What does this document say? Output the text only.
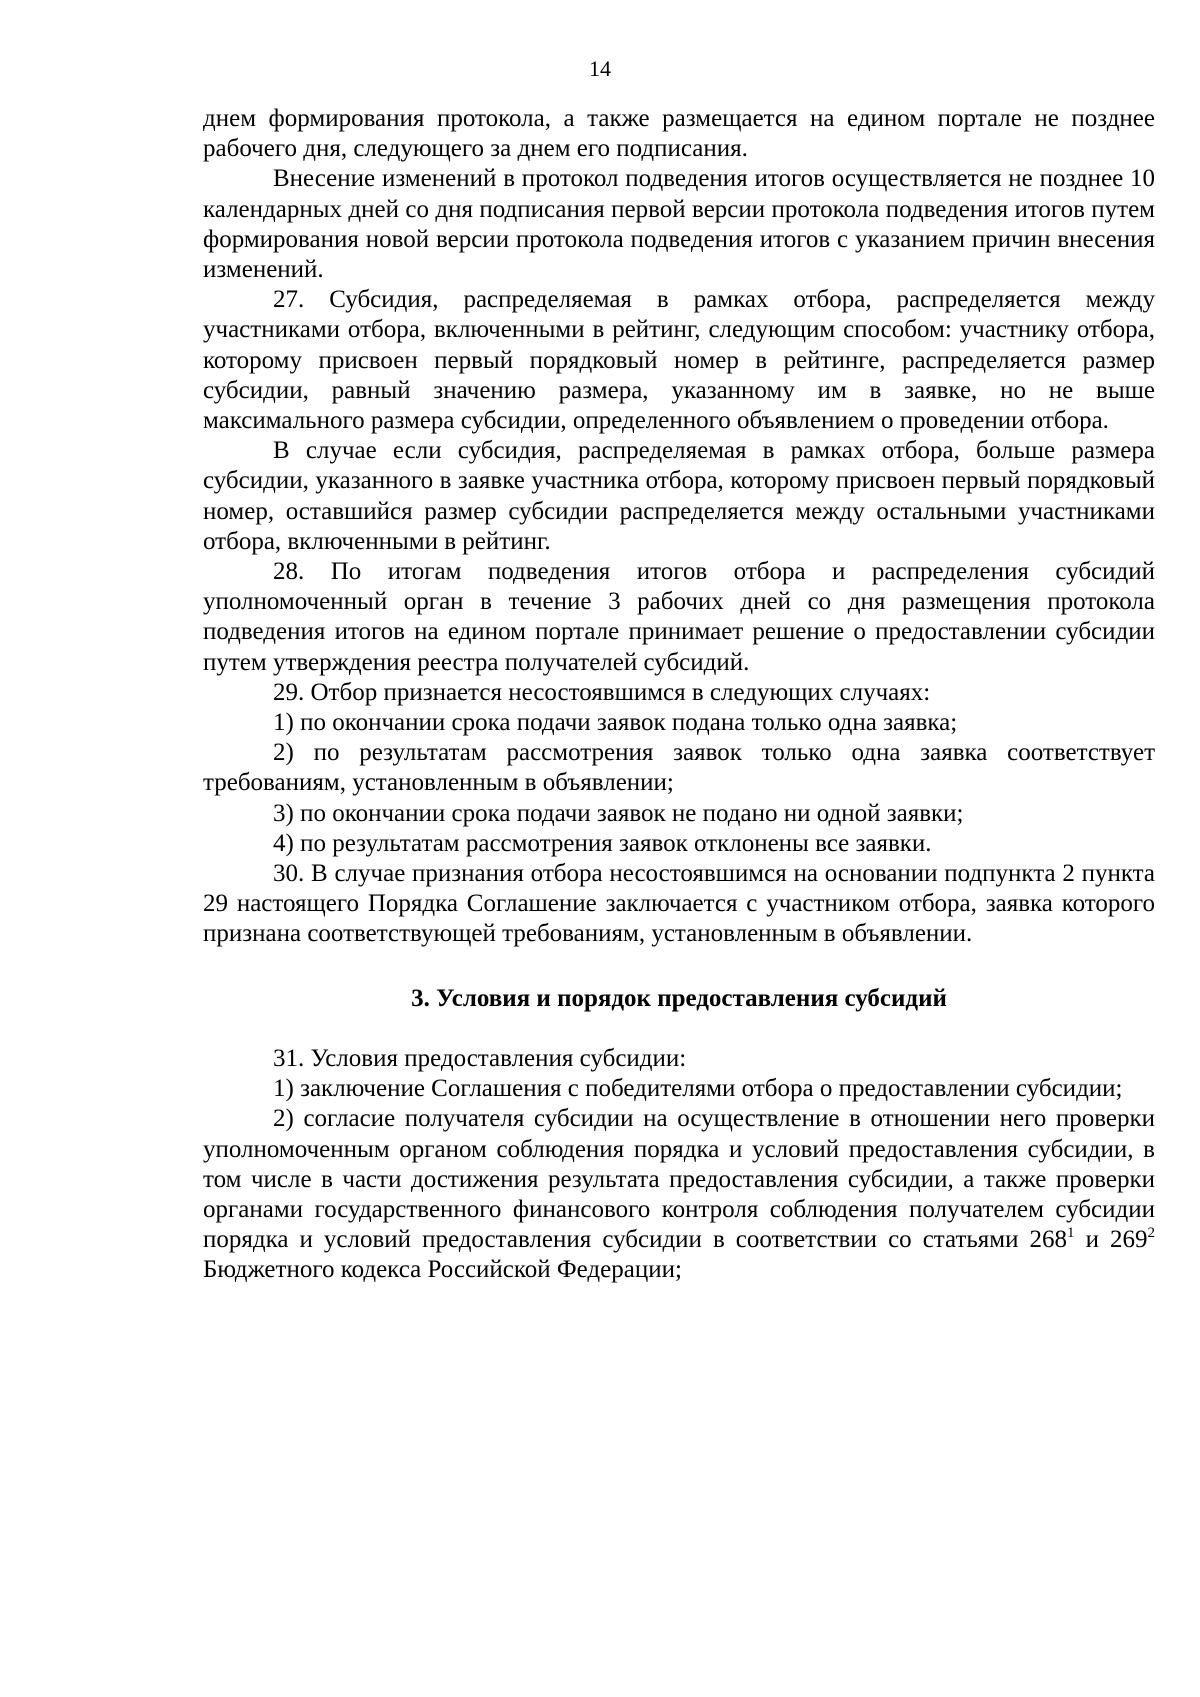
14

днем формирования протокола, а также размещается на едином портале не позднее рабочего дня, следующего за днем его подписания.

Внесение изменений в протокол подведения итогов осуществляется не позднее 10 календарных дней со дня подписания первой версии протокола подведения итогов путем формирования новой версии протокола подведения итогов с указанием причин внесения изменений.

27. Субсидия, распределяемая в рамках отбора, распределяется между участниками отбора, включенными в рейтинг, следующим способом: участнику отбора, которому присвоен первый порядковый номер в рейтинге, распределяется размер субсидии, равный значению размера, указанному им в заявке, но не выше максимального размера субсидии, определенного объявлением о проведении отбора.

В случае если субсидия, распределяемая в рамках отбора, больше размера субсидии, указанного в заявке участника отбора, которому присвоен первый порядковый номер, оставшийся размер субсидии распределяется между остальными участниками отбора, включенными в рейтинг.

28. По итогам подведения итогов отбора и распределения субсидий уполномоченный орган в течение 3 рабочих дней со дня размещения протокола подведения итогов на едином портале принимает решение о предоставлении субсидии путем утверждения реестра получателей субсидий.

29. Отбор признается несостоявшимся в следующих случаях:

1) по окончании срока подачи заявок подана только одна заявка;

2) по результатам рассмотрения заявок только одна заявка соответствует требованиям, установленным в объявлении;

3) по окончании срока подачи заявок не подано ни одной заявки;

4) по результатам рассмотрения заявок отклонены все заявки.

30. В случае признания отбора несостоявшимся на основании подпункта 2 пункта 29 настоящего Порядка Соглашение заключается с участником отбора, заявка которого признана соответствующей требованиям, установленным в объявлении.

3. Условия и порядок предоставления субсидий

31. Условия предоставления субсидии:

1) заключение Соглашения с победителями отбора о предоставлении субсидии;

2) согласие получателя субсидии на осуществление в отношении него проверки уполномоченным органом соблюдения порядка и условий предоставления субсидии, в том числе в части достижения результата предоставления субсидии, а также проверки органами государственного финансового контроля соблюдения получателем субсидии порядка и условий предоставления субсидии в соответствии со статьями $268^1$ и $269^2$ Бюджетного кодекса Российской Федерации;
